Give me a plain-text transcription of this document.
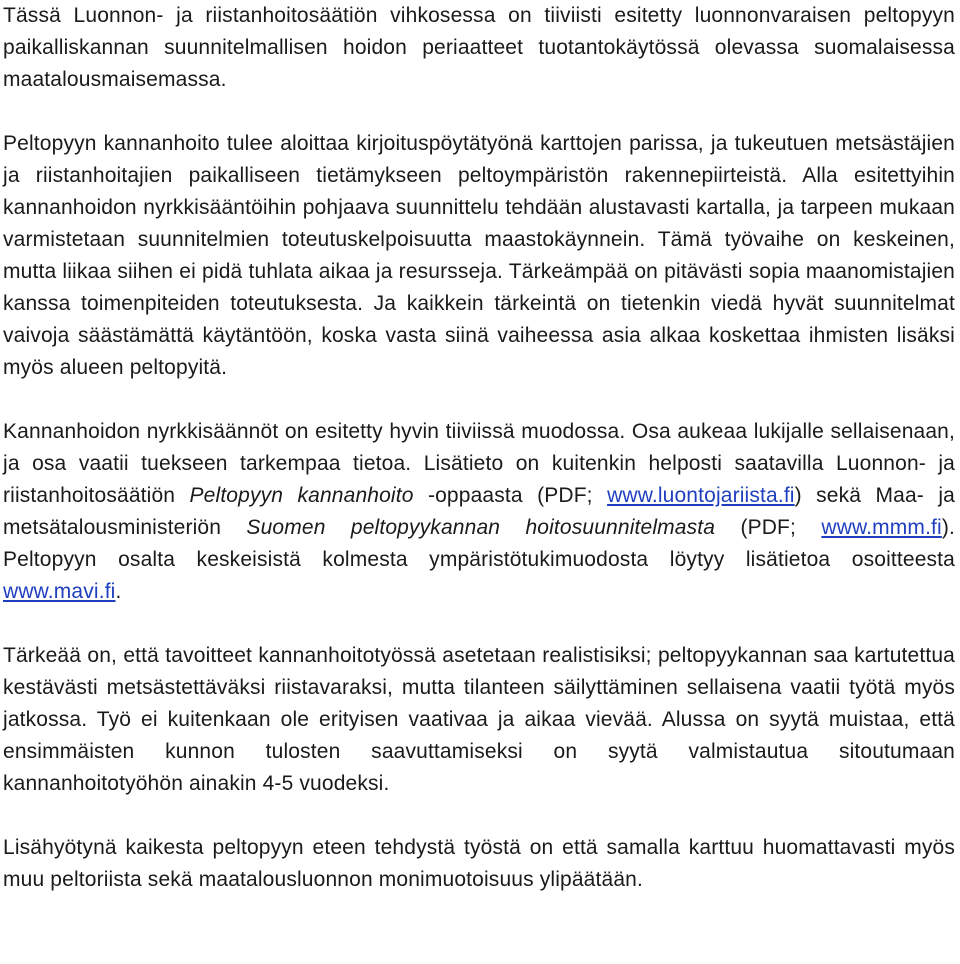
Tässä Luonnon- ja riistanhoitosäätiön vihkosessa on tiiviisti esitetty luonnonvaraisen peltopyyn paikalliskannan suunnitelmallisen hoidon periaatteet tuotantokäytössä olevassa suomalaisessa maatalousmaisemassa.

Peltopyyn kannanhoito tulee aloittaa kirjoituspöytätyönä karttojen parissa, ja tukeutuen metsästäjien ja riistanhoitajien paikalliseen tietämykseen peltoympäristön rakennepiirteistä. Alla esitettyihin kannanhoidon nyrkkisääntöihin pohjaava suunnittelu tehdään alustavasti kartalla, ja tarpeen mukaan varmistetaan suunnitelmien toteutuskelpoisuutta maastokäynnein. Tämä työvaihe on keskeinen, mutta liikaa siihen ei pidä tuhlata aikaa ja resursseja. Tärkeämpää on pitävästi sopia maanomistajien kanssa toimenpiteiden toteutuksesta. Ja kaikkein tärkeintä on tietenkin viedä hyvät suunnitelmat vaivoja säästämättä käytäntöön, koska vasta siinä vaiheessa asia alkaa koskettaa ihmisten lisäksi myös alueen peltopyitä.

Kannanhoidon nyrkkisäännöt on esitetty hyvin tiiviissä muodossa. Osa aukeaa lukijalle sellaisenaan, ja osa vaatii tuekseen tarkempaa tietoa. Lisätieto on kuitenkin helposti saatavilla Luonnon- ja riistanhoitosäätiön Peltopyyn kannanhoito -oppaasta (PDF; www.luontojariista.fi) sekä Maa- ja metsätalousministeriön Suomen peltopyykannan hoitosuunnitelmasta (PDF; www.mmm.fi). Peltopyyn osalta keskeisistä kolmesta ympäristötukimuodosta löytyy lisätietoa osoitteesta www.mavi.fi.

Tärkeää on, että tavoitteet kannanhoitotyössä asetetaan realistisiksi; peltopyykannan saa kartutettua kestävästi metsästettäväksi riistavaraksi, mutta tilanteen säilyttäminen sellaisena vaatii työtä myös jatkossa. Työ ei kuitenkaan ole erityisen vaativaa ja aikaa vievää. Alussa on syytä muistaa, että ensimmäisten kunnon tulosten saavuttamiseksi on syytä valmistautua sitoutumaan kannanhoitotyöhön ainakin 4-5 vuodeksi.

Lisähyötynä kaikesta peltopyyn eteen tehdystä työstä on että samalla karttuu huomattavasti myös muu peltoriista sekä maatalousluonnon monimuotoisuus ylipäätään.
